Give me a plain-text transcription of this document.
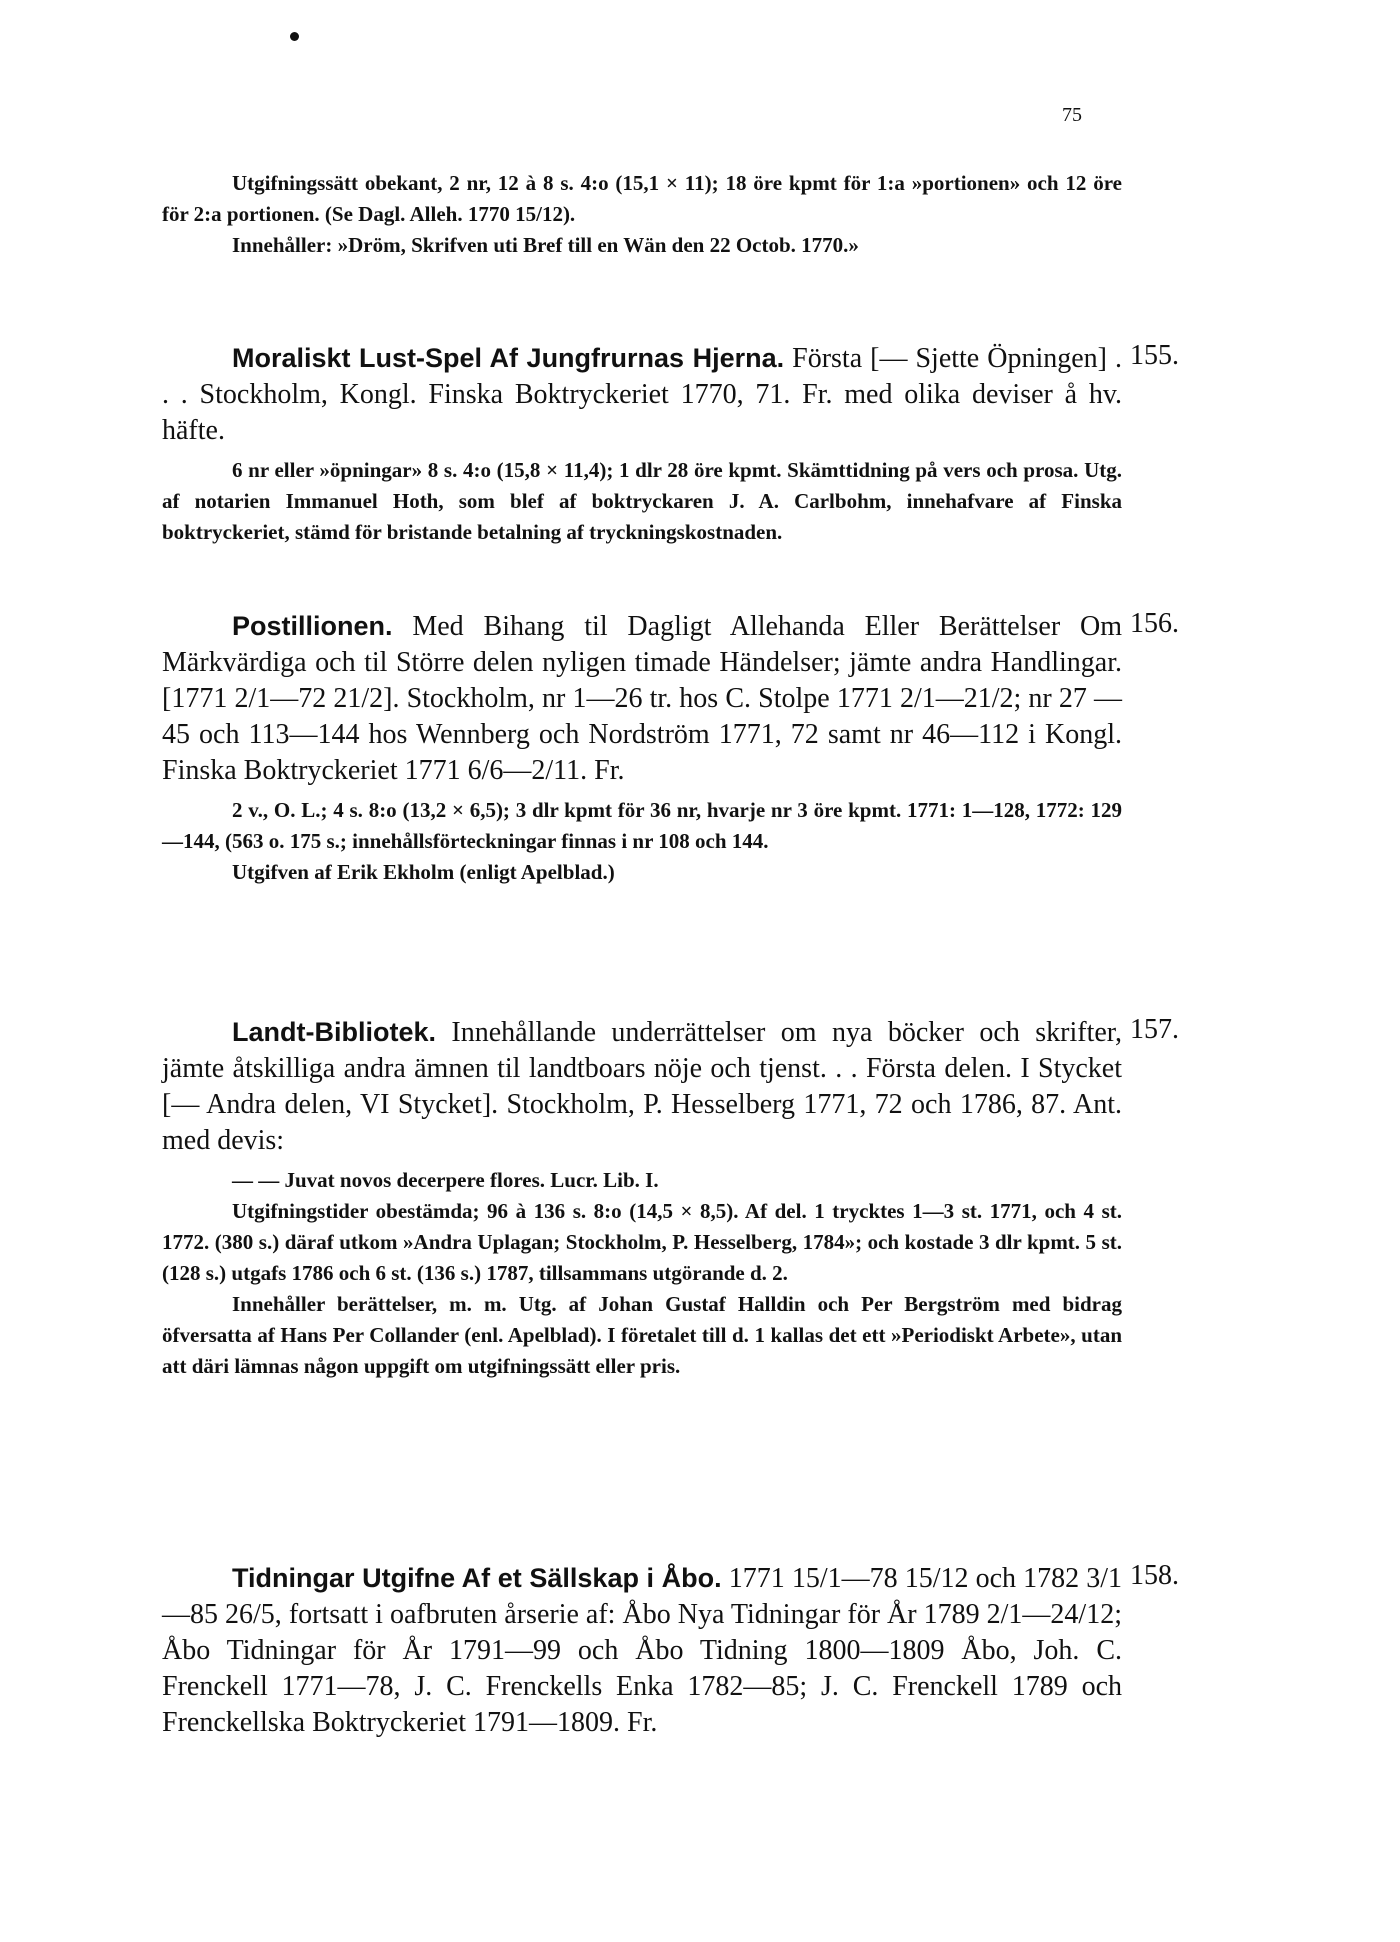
75

Utgifningssätt obekant, 2 nr, 12 à 8 s. 4:o (15,1 × 11); 18 öre kpmt för 1:a »portionen» och 12 öre för 2:a portionen. (Se Dagl. Alleh. 1770 15/12).

Innehåller: »Dröm, Skrifven uti Bref till en Wän den 22 Octob. 1770.»

155.

Moraliskt Lust-Spel Af Jungfrurnas Hjerna. Första [— Sjette Öpningen] . . . Stockholm, Kongl. Finska Boktryckeriet 1770, 71. Fr. med olika deviser å hv. häfte.

6 nr eller »öpningar» 8 s. 4:o (15,8 × 11,4); 1 dlr 28 öre kpmt. Skämttidning på vers och prosa. Utg. af notarien Immanuel Hoth, som blef af boktryckaren J. A. Carlbohm, innehafvare af Finska boktryckeriet, stämd för bristande betalning af tryckningskostnaden.

156.

Postillionen. Med Bihang til Dagligt Allehanda Eller Berättelser Om Märkvärdiga och til Större delen nyligen timade Händelser; jämte andra Handlingar. [1771 2/1—72 21/2]. Stockholm, nr 1—26 tr. hos C. Stolpe 1771 2/1—21/2; nr 27 —45 och 113—144 hos Wennberg och Nordström 1771, 72 samt nr 46—112 i Kongl. Finska Boktryckeriet 1771 6/6—2/11. Fr.

2 v., O. L.; 4 s. 8:o (13,2 × 6,5); 3 dlr kpmt för 36 nr, hvarje nr 3 öre kpmt. 1771: 1—128, 1772: 129—144, (563 o. 175 s.; innehållsförteckningar finnas i nr 108 och 144.

Utgifven af Erik Ekholm (enligt Apelblad.)

157.

Landt-Bibliotek. Innehållande underrättelser om nya böcker och skrifter, jämte åtskilliga andra ämnen til landtboars nöje och tjenst. . . Första delen. I Stycket [— Andra delen, VI Stycket]. Stockholm, P. Hesselberg 1771, 72 och 1786, 87. Ant. med devis:

— — Juvat novos decerpere flores. Lucr. Lib. I.

Utgifningstider obestämda; 96 à 136 s. 8:o (14,5 × 8,5). Af del. 1 trycktes 1—3 st. 1771, och 4 st. 1772. (380 s.) däraf utkom »Andra Uplagan; Stockholm, P. Hesselberg, 1784»; och kostade 3 dlr kpmt. 5 st. (128 s.) utgafs 1786 och 6 st. (136 s.) 1787, tillsammans utgörande d. 2.

Innehåller berättelser, m. m. Utg. af Johan Gustaf Halldin och Per Bergström med bidrag öfversatta af Hans Per Collander (enl. Apelblad). I företalet till d. 1 kallas det ett »Periodiskt Arbete», utan att däri lämnas någon uppgift om utgifningssätt eller pris.

158.

Tidningar Utgifne Af et Sällskap i Åbo. 1771 15/1—78 15/12 och 1782 3/1—85 26/5, fortsatt i oafbruten årserie af: Åbo Nya Tidningar för År 1789 2/1—24/12; Åbo Tidningar för År 1791—99 och Åbo Tidning 1800—1809 Åbo, Joh. C. Frenckell 1771—78, J. C. Frenckells Enka 1782—85; J. C. Frenckell 1789 och Frenckellska Boktryckeriet 1791—1809. Fr.
